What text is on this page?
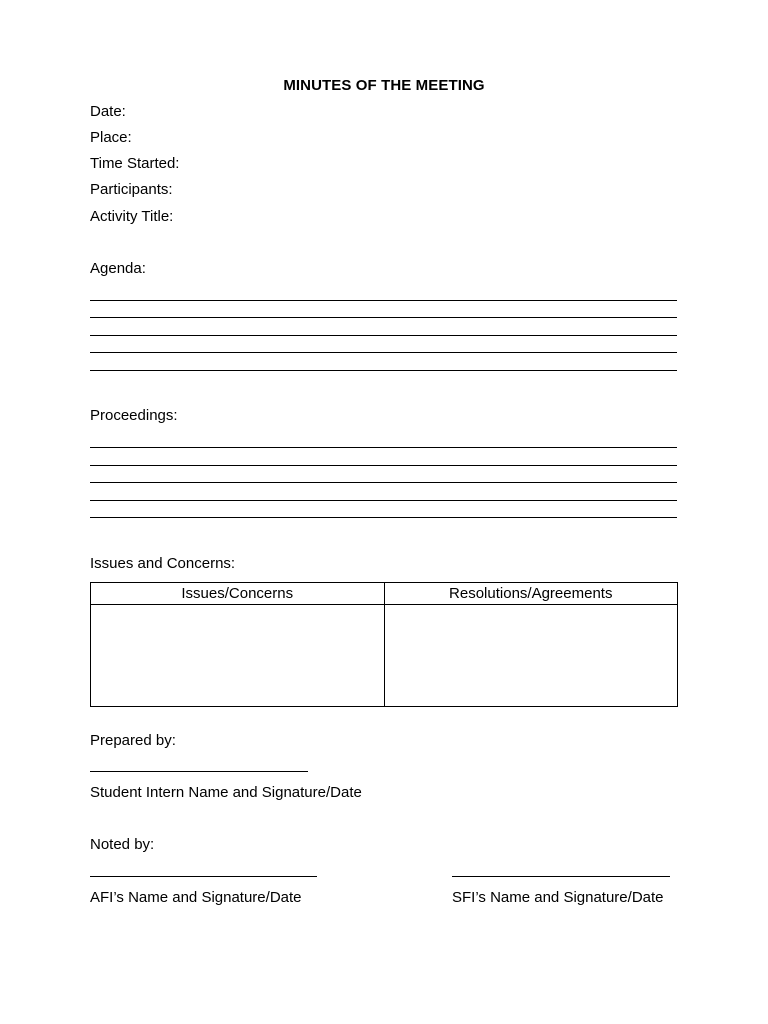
MINUTES OF THE MEETING
Date:
Place:
Time Started:
Participants:
Activity Title:
Agenda:
Proceedings:
Issues and Concerns:
Issues/Concerns	Resolutions/Agreements

Prepared by:
Student Intern Name and Signature/Date
Noted by:
AFI’s Name and Signature/Date	SFI’s Name and Signature/Date
